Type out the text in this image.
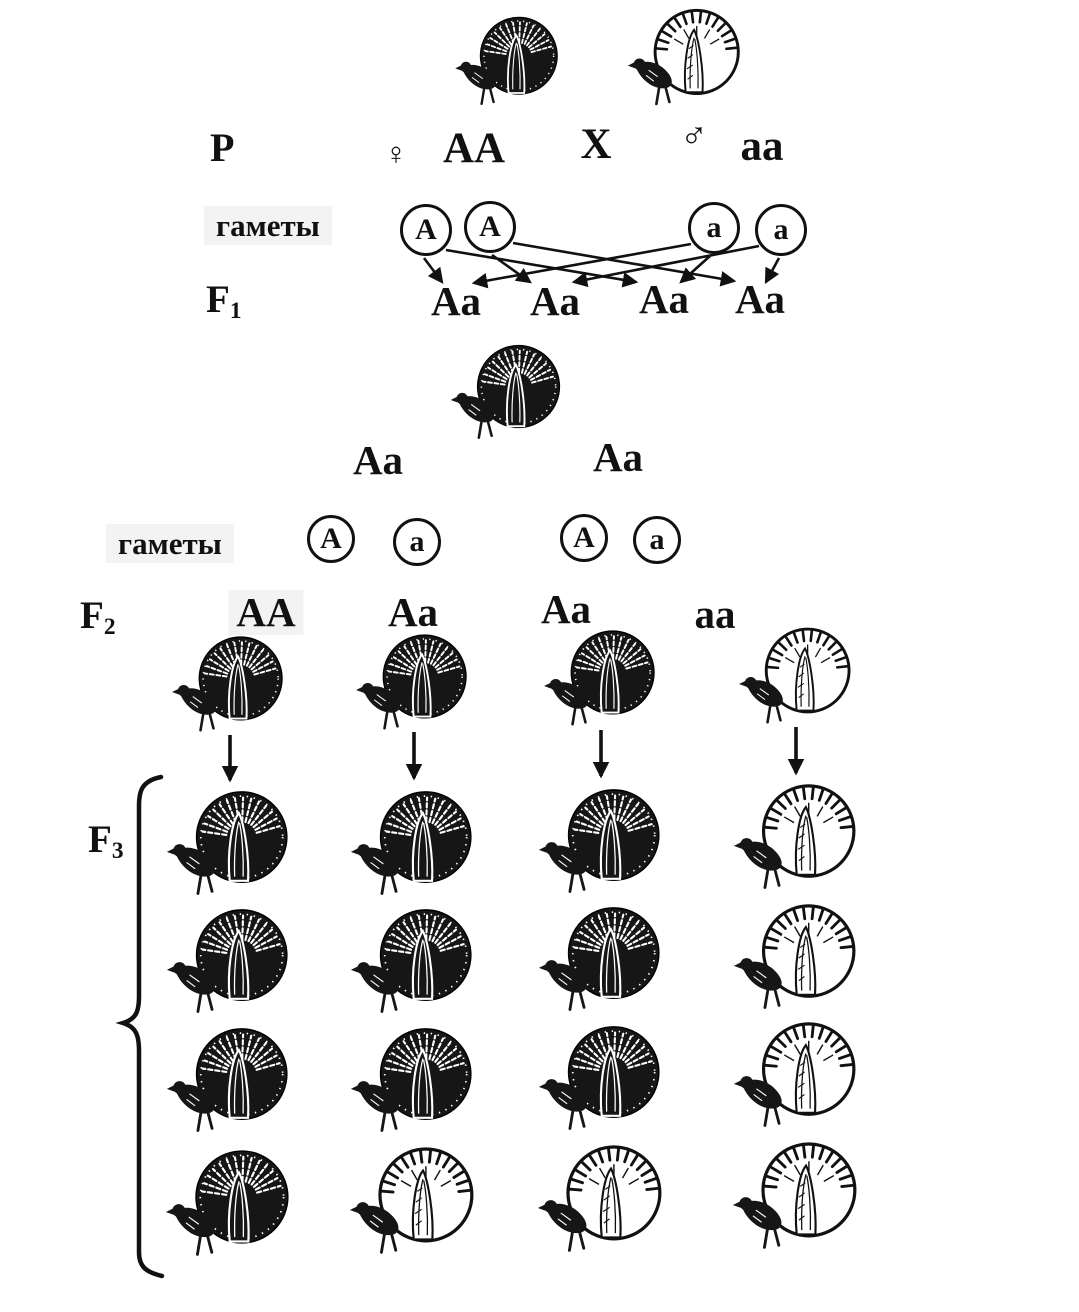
P	♀ AA X ♂ aa
гаметы	A A	a a
$F_1$	Aa Aa Aa Aa
Aa	Aa
гаметы	A a	A a
$F_2$	AA Aa	Aa	aa
$F_3$
